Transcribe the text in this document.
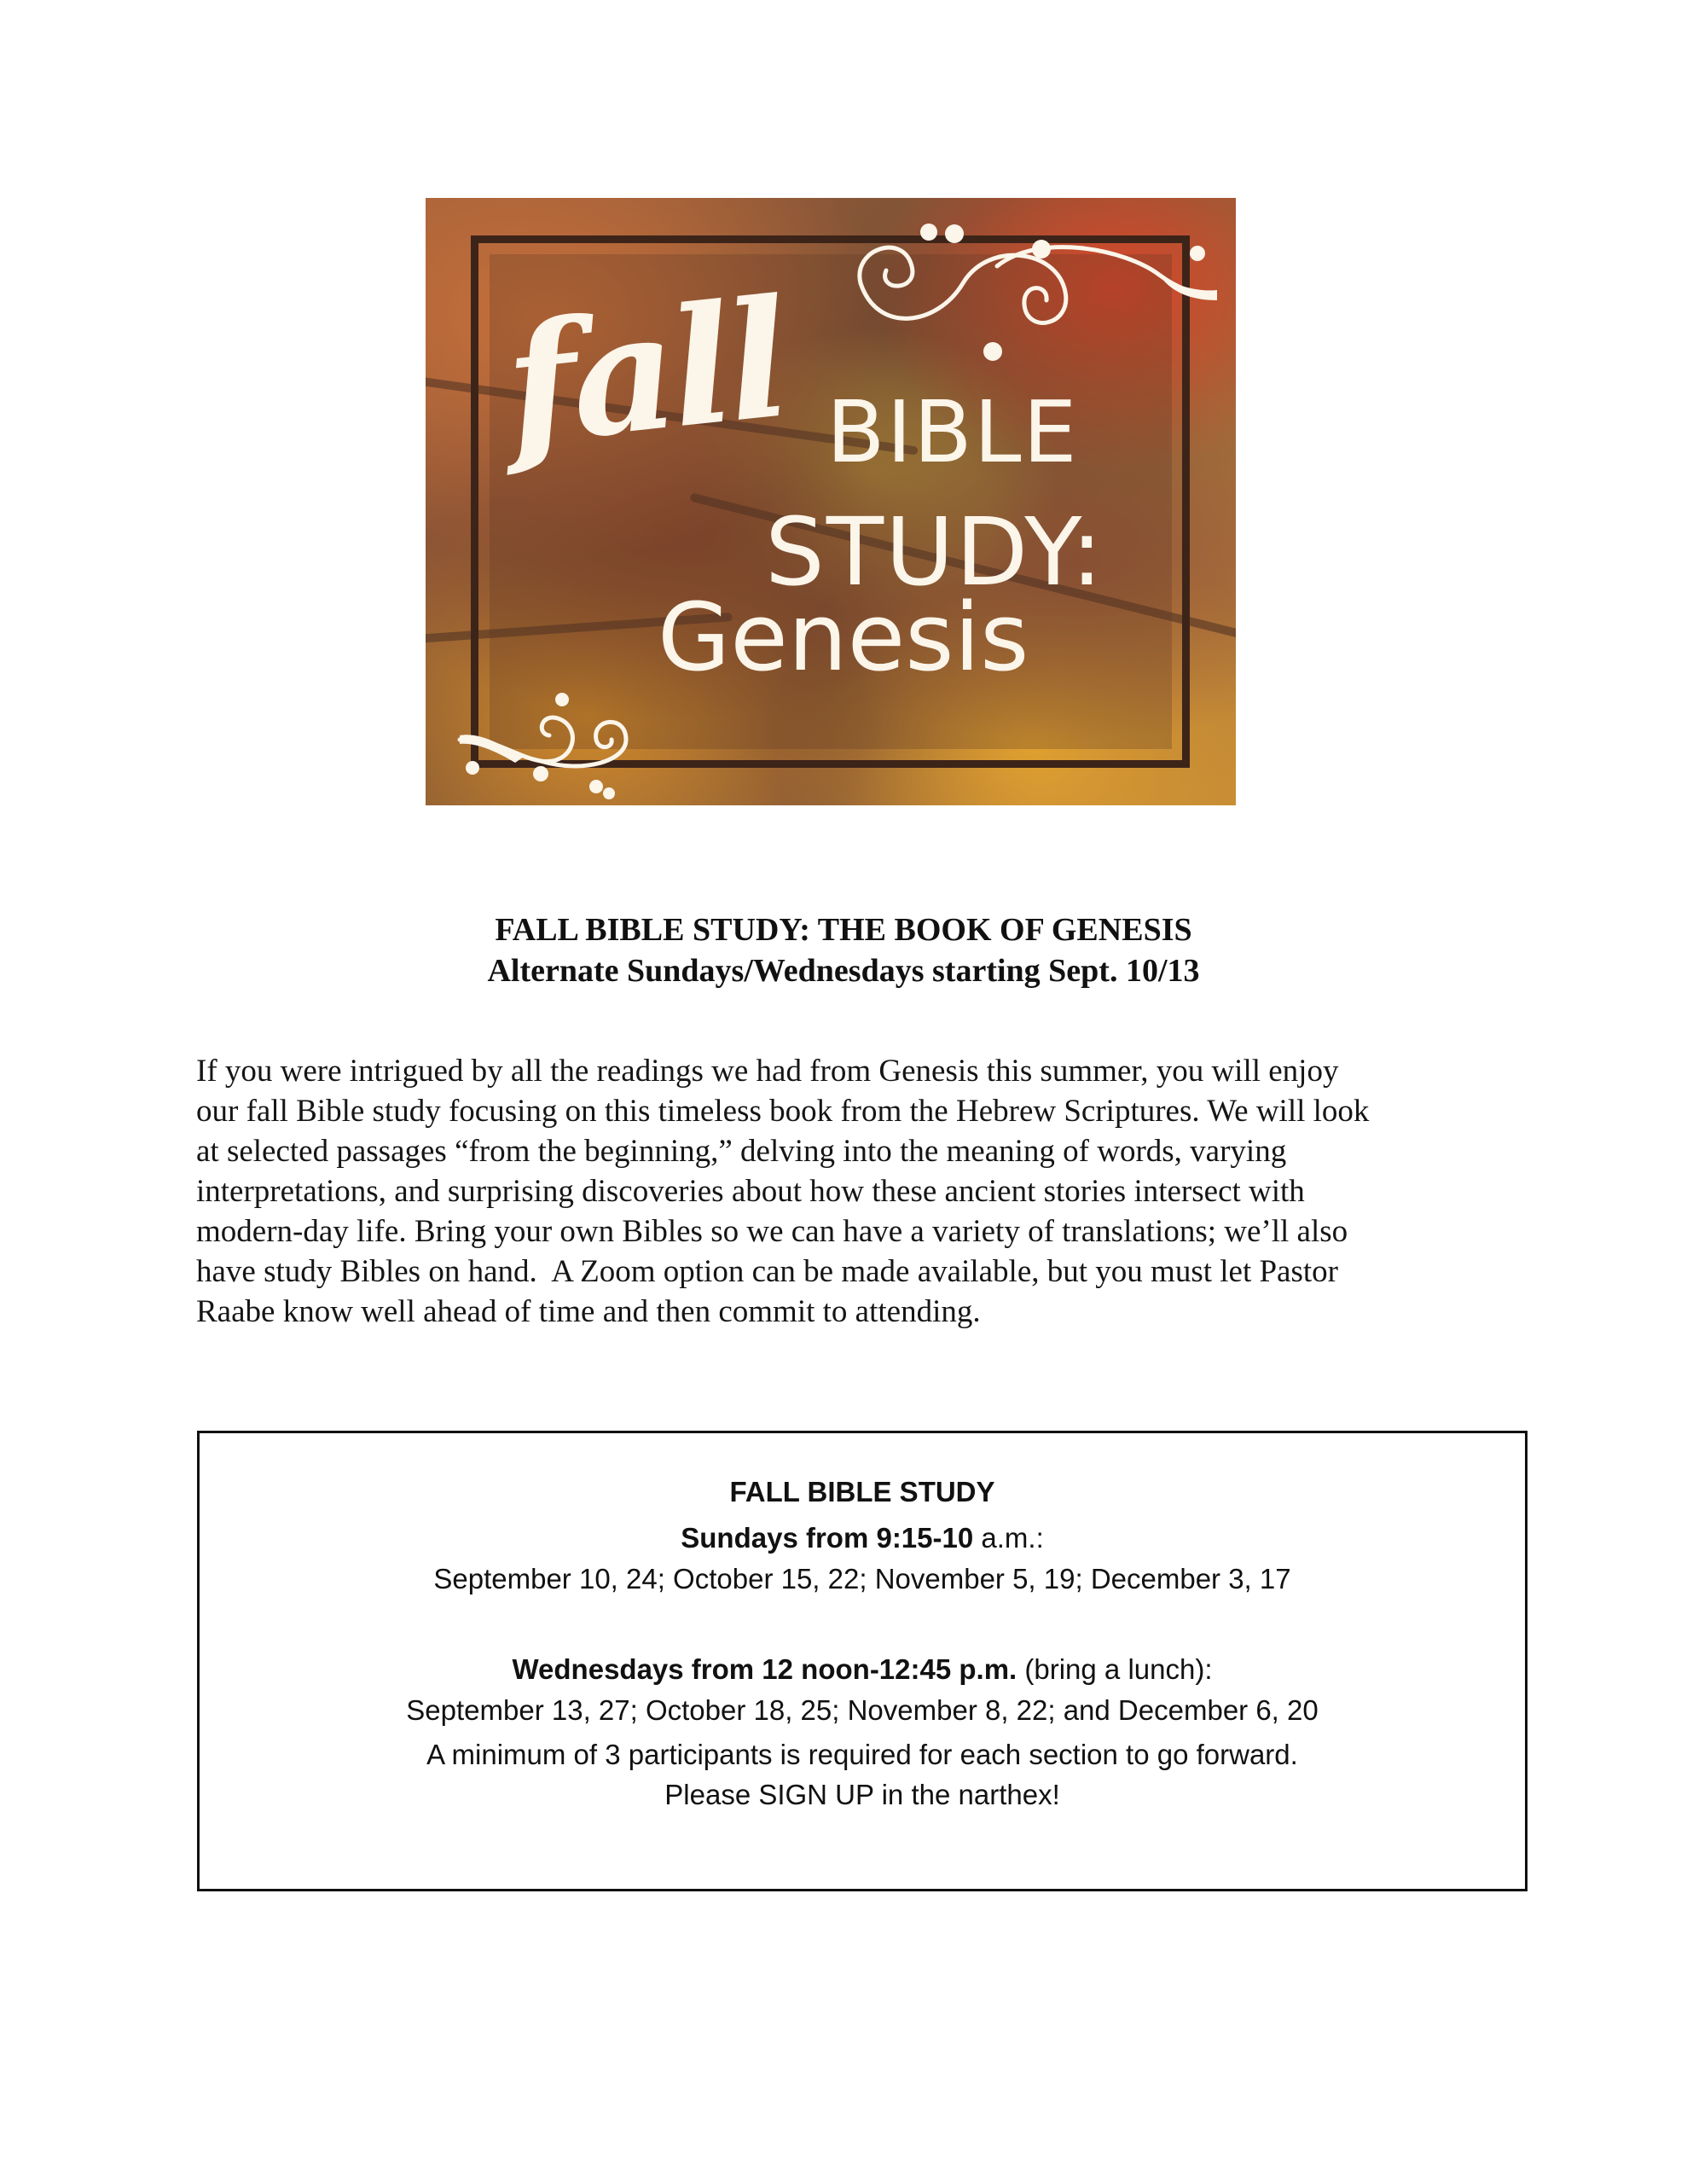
fall BIBLE
STUDY:
Genesis
FALL BIBLE STUDY: THE BOOK OF GENESIS
Alternate Sundays/Wednesdays starting Sept. 10/13
If you were intrigued by all the readings we had from Genesis this summer, you will enjoy
our fall Bible study focusing on this timeless book from the Hebrew Scriptures. We will look
at selected passages “from the beginning,” delving into the meaning of words, varying
interpretations, and surprising discoveries about how these ancient stories intersect with
modern-day life. Bring your own Bibles so we can have a variety of translations; we’ll also
have study Bibles on hand.  A Zoom option can be made available, but you must let Pastor
Raabe know well ahead of time and then commit to attending.
FALL BIBLE STUDY
Sundays from 9:15-10 a.m.:
September 10, 24; October 15, 22; November 5, 19; December 3, 17
Wednesdays from 12 noon-12:45 p.m. (bring a lunch):
September 13, 27; October 18, 25; November 8, 22; and December 6, 20
A minimum of 3 participants is required for each section to go forward.
Please SIGN UP in the narthex!
